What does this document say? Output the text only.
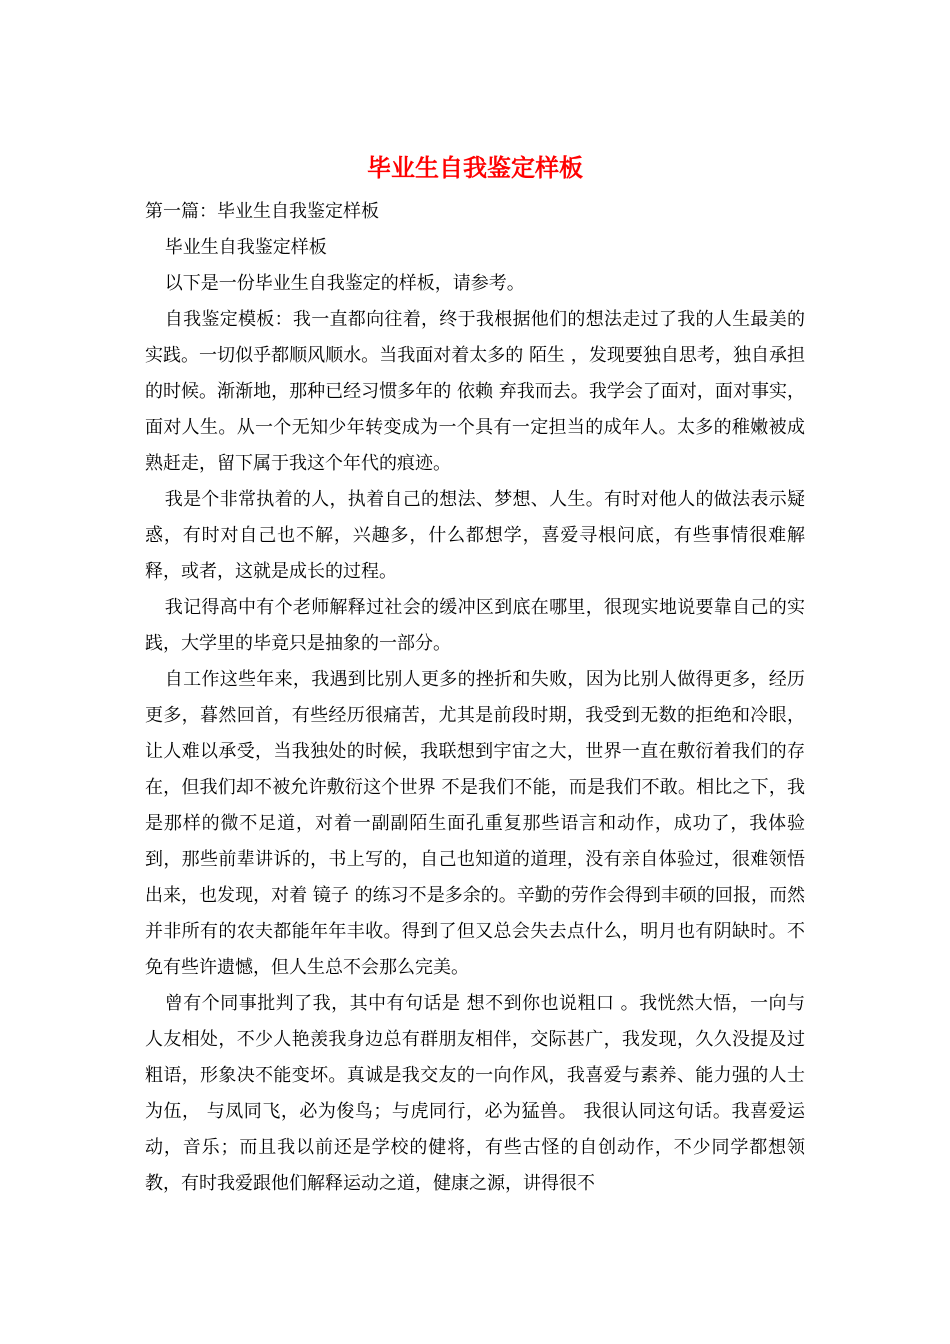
毕业生自我鉴定样板

第一篇：毕业生自我鉴定样板

毕业生自我鉴定样板

以下是一份毕业生自我鉴定的样板，请参考。

自我鉴定模板：我一直都向往着，终于我根据他们的想法走过了我的人生最美的实践。一切似乎都顺风顺水。当我面对着太多的 陌生 ，发现要独自思考，独自承担的时候。渐渐地，那种已经习惯多年的 依赖 弃我而去。我学会了面对，面对事实，面对人生。从一个无知少年转变成为一个具有一定担当的成年人。太多的稚嫩被成熟赶走，留下属于我这个年代的痕迹。

我是个非常执着的人，执着自己的想法、梦想、人生。有时对他人的做法表示疑惑，有时对自己也不解，兴趣多，什么都想学，喜爱寻根问底，有些事情很难解释，或者，这就是成长的过程。

我记得高中有个老师解释过社会的缓冲区到底在哪里，很现实地说要靠自己的实践，大学里的毕竟只是抽象的一部分。

自工作这些年来，我遇到比别人更多的挫折和失败，因为比别人做得更多，经历更多，暮然回首，有些经历很痛苦，尤其是前段时期，我受到无数的拒绝和冷眼，让人难以承受，当我独处的时候，我联想到宇宙之大，世界一直在敷衍着我们的存在，但我们却不被允许敷衍这个世界 不是我们不能，而是我们不敢。相比之下，我是那样的微不足道，对着一副副陌生面孔重复那些语言和动作，成功了，我体验到，那些前辈讲诉的，书上写的，自己也知道的道理，没有亲自体验过，很难领悟出来，也发现，对着 镜子 的练习不是多余的。辛勤的劳作会得到丰硕的回报，而然并非所有的农夫都能年年丰收。得到了但又总会失去点什么，明月也有阴缺时。不免有些许遗憾，但人生总不会那么完美。

曾有个同事批判了我，其中有句话是 想不到你也说粗口 。我恍然大悟，一向与人友相处，不少人艳羡我身边总有群朋友相伴，交际甚广，我发现，久久没提及过粗语，形象决不能变坏。真诚是我交友的一向作风，我喜爱与素养、能力强的人士为伍， 与凤同飞，必为俊鸟；与虎同行，必为猛兽。 我很认同这句话。我喜爱运动，音乐；而且我以前还是学校的健将，有些古怪的自创动作，不少同学都想领教，有时我爱跟他们解释运动之道，健康之源，讲得很不
